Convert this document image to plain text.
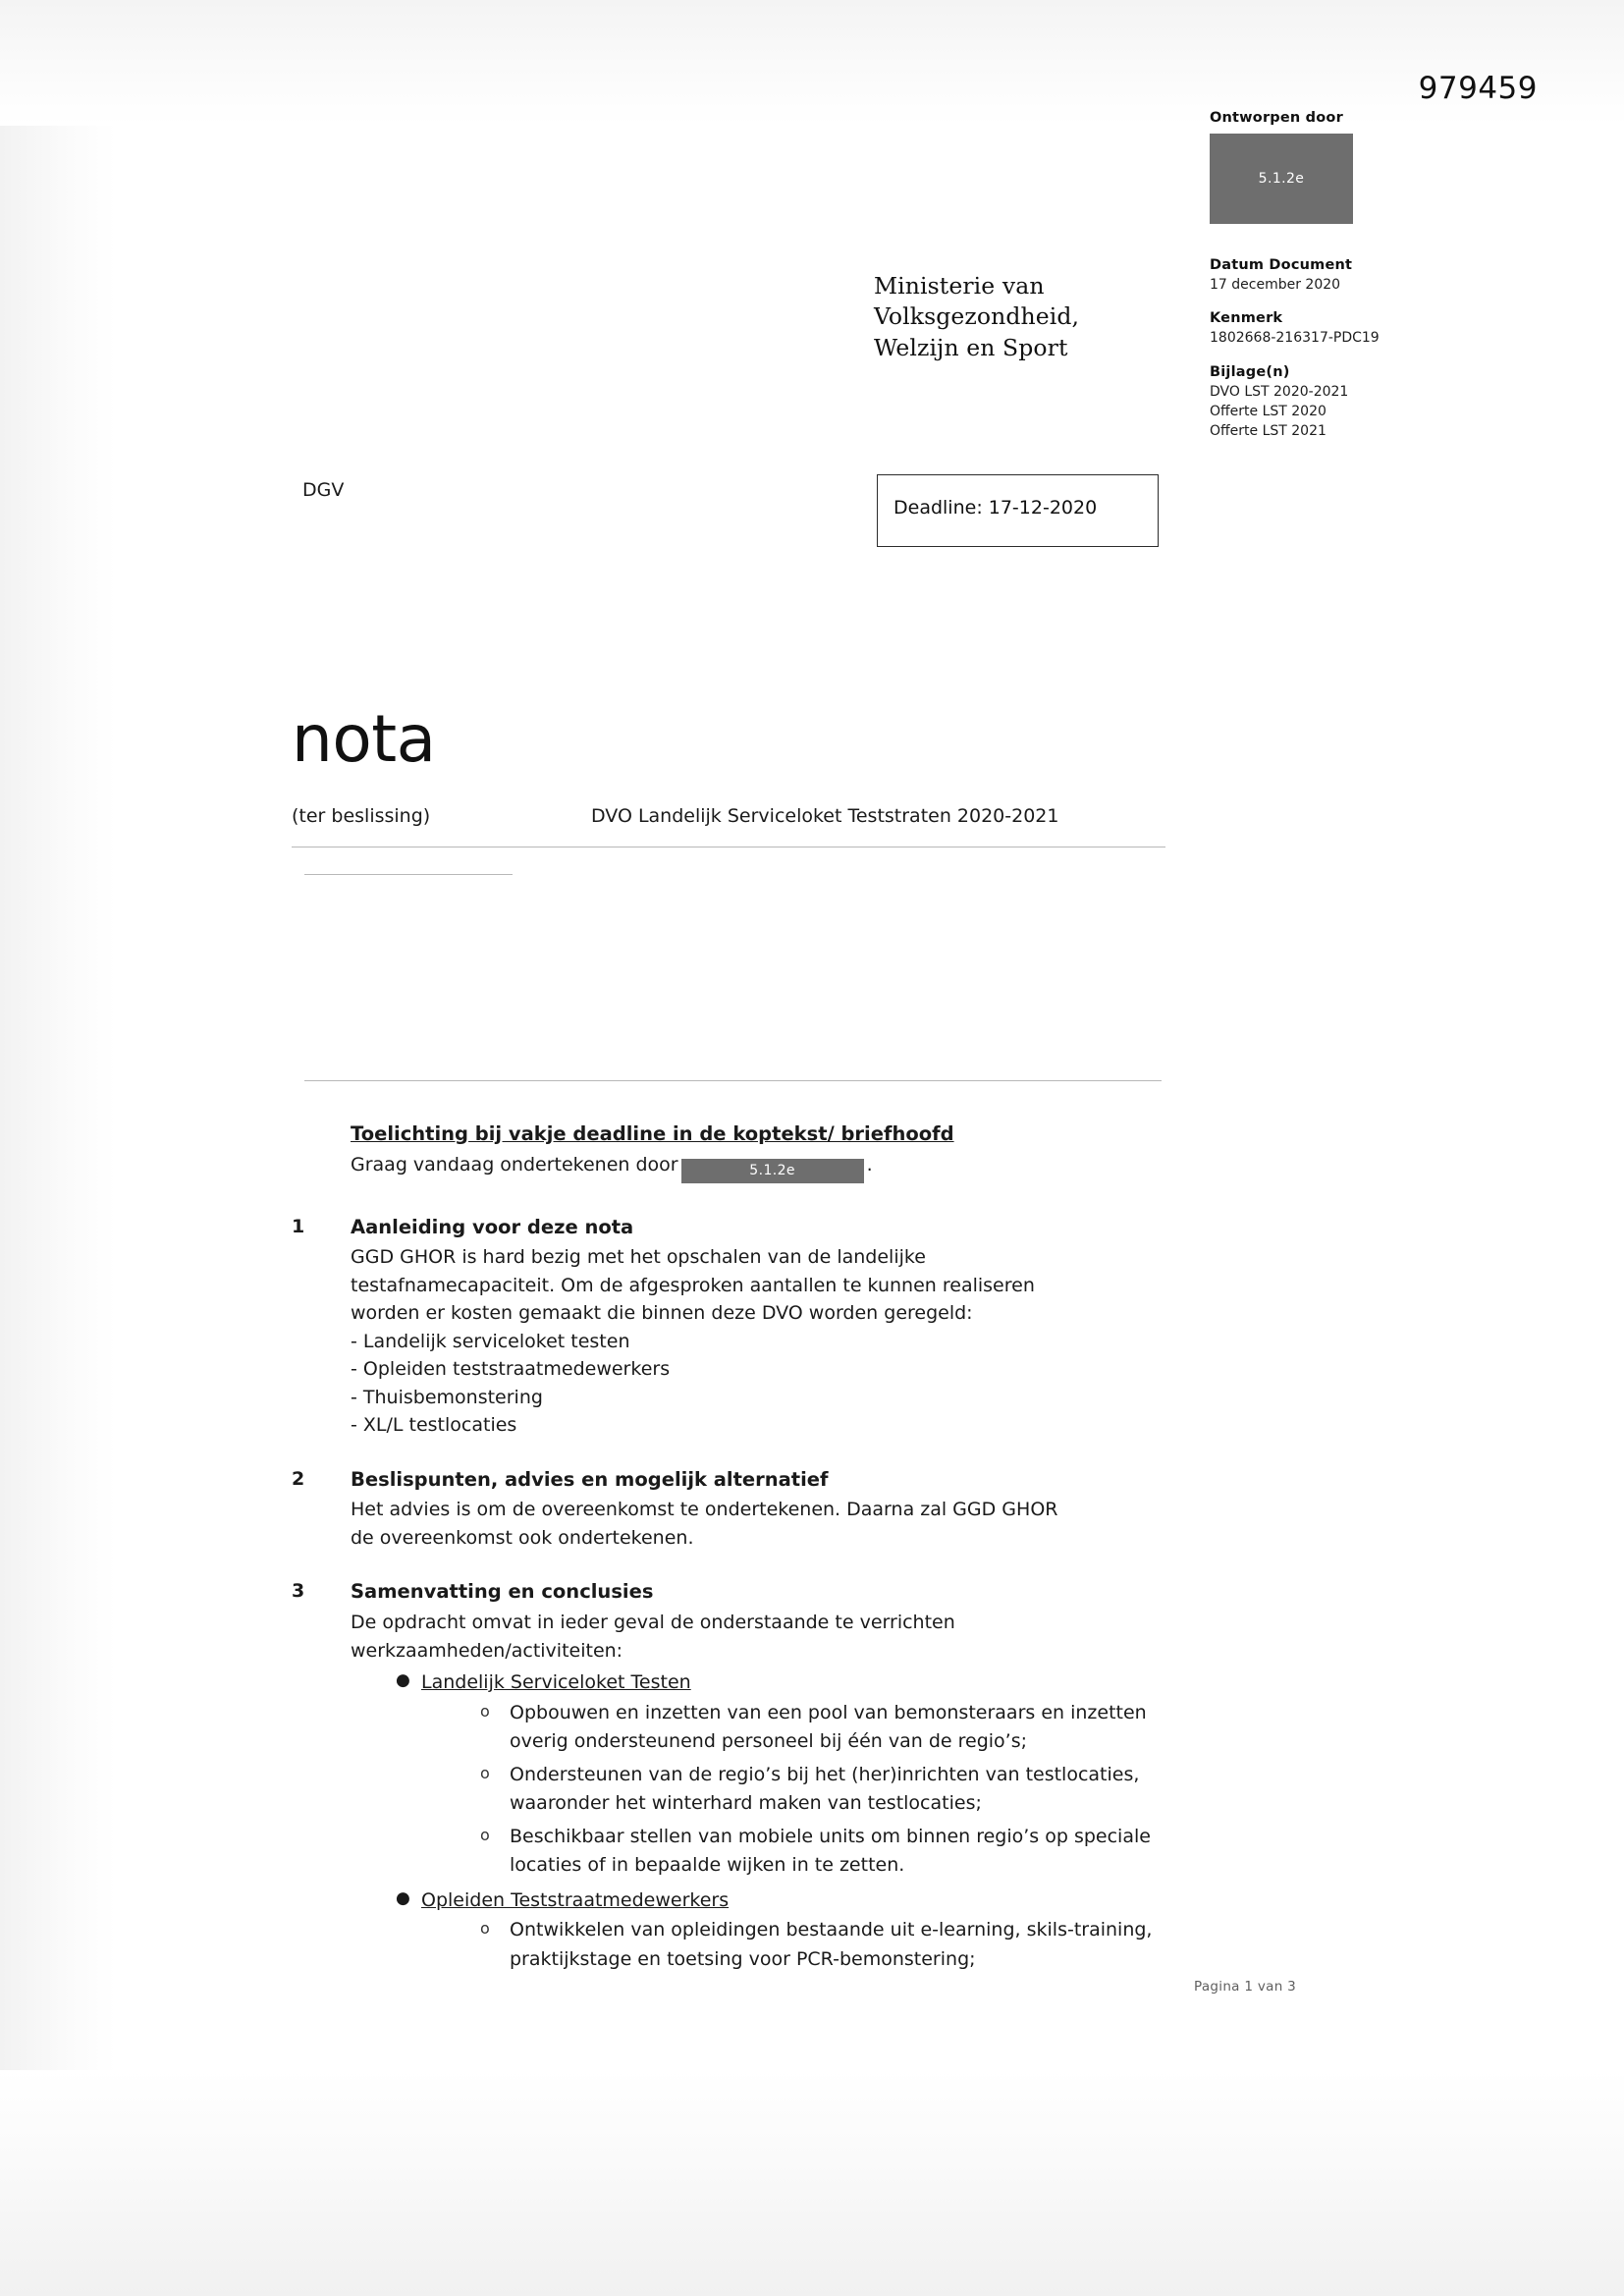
979459
Ontworpen door
5.1.2e
Datum Document
17 december 2020
Kenmerk
1802668-216317-PDC19
Bijlage(n)
DVO LST 2020-2021
Offerte LST 2020
Offerte LST 2021
Ministerie van Volksgezondheid,
Welzijn en Sport
DGV
Deadline: 17-12-2020
nota
(ter beslissing)	DVO Landelijk Serviceloket Teststraten 2020-2021
Toelichting bij vakje deadline in de koptekst/ briefhoofd
Graag vandaag ondertekenen door	5.1.2e	.
1 Aanleiding voor deze nota
GGD GHOR is hard bezig met het opschalen van de landelijke
testafnamecapaciteit. Om de afgesproken aantallen te kunnen realiseren
worden er kosten gemaakt die binnen deze DVO worden geregeld:
- Landelijk serviceloket testen
- Opleiden teststraatmedewerkers
- Thuisbemonstering
- XL/L testlocaties
2 Beslispunten, advies en mogelijk alternatief
Het advies is om de overeenkomst te ondertekenen. Daarna zal GGD GHOR
de overeenkomst ook ondertekenen.
3 Samenvatting en conclusies
De opdracht omvat in ieder geval de onderstaande te verrichten
werkzaamheden/activiteiten:
● Landelijk Serviceloket Testen
o Opbouwen en inzetten van een pool van bemonsteraars en inzetten overig ondersteunend personeel bij één van de regio’s;
o Ondersteunen van de regio’s bij het (her)inrichten van testlocaties, waaronder het winterhard maken van testlocaties;
o Beschikbaar stellen van mobiele units om binnen regio’s op speciale locaties of in bepaalde wijken in te zetten.
● Opleiden Teststraatmedewerkers
o Ontwikkelen van opleidingen bestaande uit e-learning, skils-training, praktijkstage en toetsing voor PCR-bemonstering;
Pagina 1 van 3
